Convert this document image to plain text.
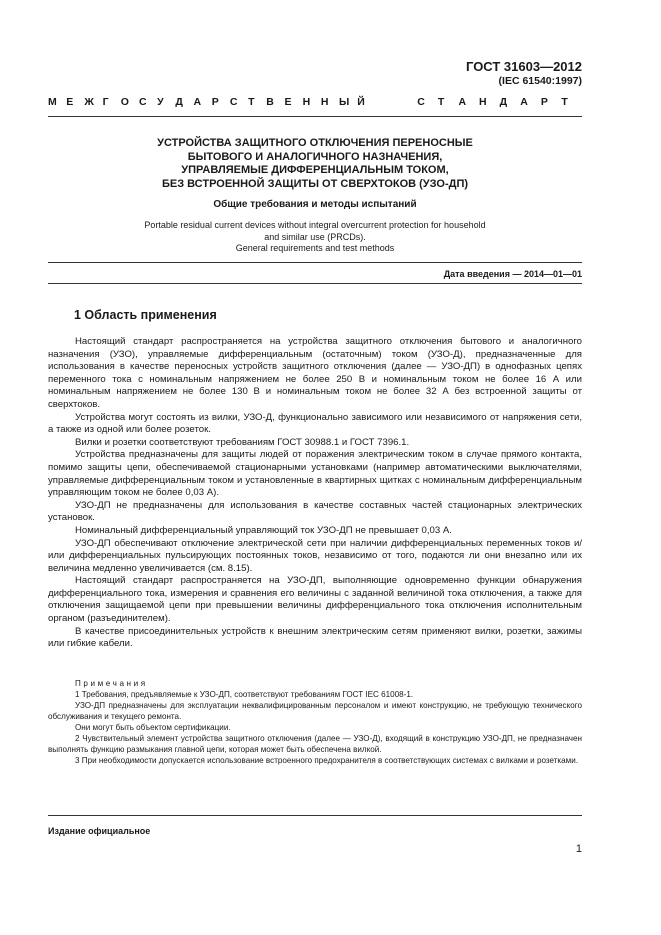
ГОСТ 31603—2012
(IEC 61540:1997)
М Е	Ж Г	О С	У	Д	А	Р	С	Т	В	Е	Н	Н	Ы Й	С	Т	А	Н	Д	А	Р	Т
УСТРОЙСТВА ЗАЩИТНОГО ОТКЛЮЧЕНИЯ ПЕРЕНОСНЫЕ
БЫТОВОГО И АНАЛОГИЧНОГО НАЗНАЧЕНИЯ,
УПРАВЛЯЕМЫЕ ДИФФЕРЕНЦИАЛЬНЫМ ТОКОМ,
БЕЗ ВСТРОЕННОЙ ЗАЩИТЫ ОТ СВЕРХТОКОВ (УЗО-ДП)
Общие требования и методы испытаний
Portable residual current devices without integral overcurrent protection for household
and similar use (PRCDs).
General requirements and test methods
Дата введения — 2014—01—01
1 Область применения

Настоящий стандарт распространяется на устройства защитного отключения бытового и аналогичного назначения (УЗО), управляемые дифференциальным (остаточным) током (УЗО-Д), предназначенные для использования в качестве переносных устройств защитного отключения (далее — УЗО-ДП) в однофазных цепях переменного тока с номинальным напряжением не более 250 В и номинальным током не более 16 А или номинальным напряжением не более 130 В и номинальным током не более 32 А без встроенной защиты от сверхтоков.

Устройства могут состоять из вилки, УЗО-Д, функционально зависимого или независимого от напряжения сети, а также из одной или более розеток.

Вилки и розетки соответствуют требованиям ГОСТ 30988.1 и ГОСТ 7396.1.

Устройства предназначены для защиты людей от поражения электрическим током в случае прямого контакта, помимо защиты цепи, обеспечиваемой стационарными установками (например автоматическими выключателями, управляемые дифференциальным током и установленные в квартирных щитках с номинальным дифференциальным управляющим током не более 0,03 А).

УЗО-ДП не предназначены для использования в качестве составных частей стационарных электрических установок.

Номинальный дифференциальный управляющий ток УЗО-ДП не превышает 0,03 А.

УЗО-ДП обеспечивают отключение электрической сети при наличии дифференциальных переменных токов и/или дифференциальных пульсирующих постоянных токов, независимо от того, подаются ли они внезапно или их величина медленно увеличивается (см. 8.15).

Настоящий стандарт распространяется на УЗО-ДП, выполняющие одновременно функции обнаружения дифференциального тока, измерения и сравнения его величины с заданной величиной тока отключения, а также для отключения защищаемой цепи при превышении величины дифференциального тока отключения исполнительным органом (разъединителем).

В качестве присоединительных устройств к внешним электрическим сетям применяют вилки, розетки, зажимы или гибкие кабели.

Примечания

1 Требования, предъявляемые к УЗО-ДП, соответствуют требованиям ГОСТ IEC 61008-1.

УЗО-ДП предназначены для эксплуатации неквалифицированным персоналом и имеют конструкцию, не требующую технического обслуживания и текущего ремонта.

Они могут быть объектом сертификации.

2 Чувствительный элемент устройства защитного отключения (далее — УЗО-Д), входящий в конструкцию УЗО-ДП, не предназначен выполнять функцию размыкания главной цепи, которая может быть обеспечена вилкой.

3 При необходимости допускается использование встроенного предохранителя в соответствующих системах с вилками и розетками.

Издание официальное
1
